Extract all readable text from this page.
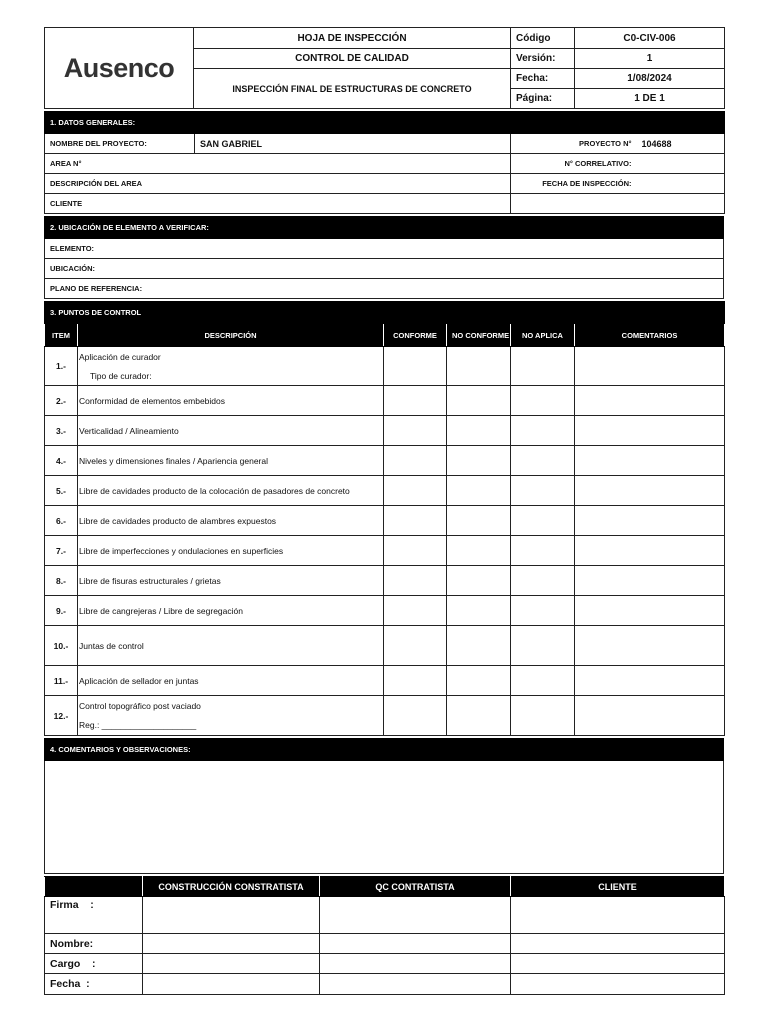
Ausenco	HOJA DE INSPECCIÓN	Código	C0-CIV-006
	CONTROL DE CALIDAD	Versión:	1
	INSPECCIÓN FINAL DE ESTRUCTURAS DE CONCRETO	Fecha:	1/08/2024
		Página:	1 DE 1
1. DATOS GENERALES:			
NOMBRE DEL PROYECTO:	SAN GABRIEL	PROYECTO N°	104688
AREA N°		N° CORRELATIVO:	
DESCRIPCIÓN DEL AREA		FECHA DE INSPECCIÓN:	
CLIENTE			
2. UBICACIÓN DE ELEMENTO A VERIFICAR:
ELEMENTO:
UBICACIÓN:
PLANO DE REFERENCIA:
3. PUNTOS DE CONTROL					
ITEM	DESCRIPCIÓN	CONFORME	NO CONFORME	NO APLICA	COMENTARIOS
1.-	Aplicación de curador
Tipo de curador:				

2.-	Conformidad de elementos embebidos				
3.-	Verticalidad / Alineamiento				
4.-	Niveles y dimensiones finales / Apariencia general				
5.-	Libre de cavidades producto de la colocación de pasadores de concreto				
6.-	Libre de cavidades producto de alambres expuestos				
7.-	Libre de imperfecciones y ondulaciones en superficies				
8.-	Libre de fisuras estructurales / grietas				
9.-	Libre de cangrejeras / Libre de segregación				
10.-	Juntas de control				
11.-	Aplicación de sellador en juntas				
12.-	Control topográfico post vaciado
Reg.: ____________________				

4. COMENTARIOS Y OBSERVACIONES:

	CONSTRUCCIÓN CONSTRATISTA	QC CONTRATISTA	CLIENTE
Firma    :			
Nombre:			
Cargo    :			
Fecha  :			
